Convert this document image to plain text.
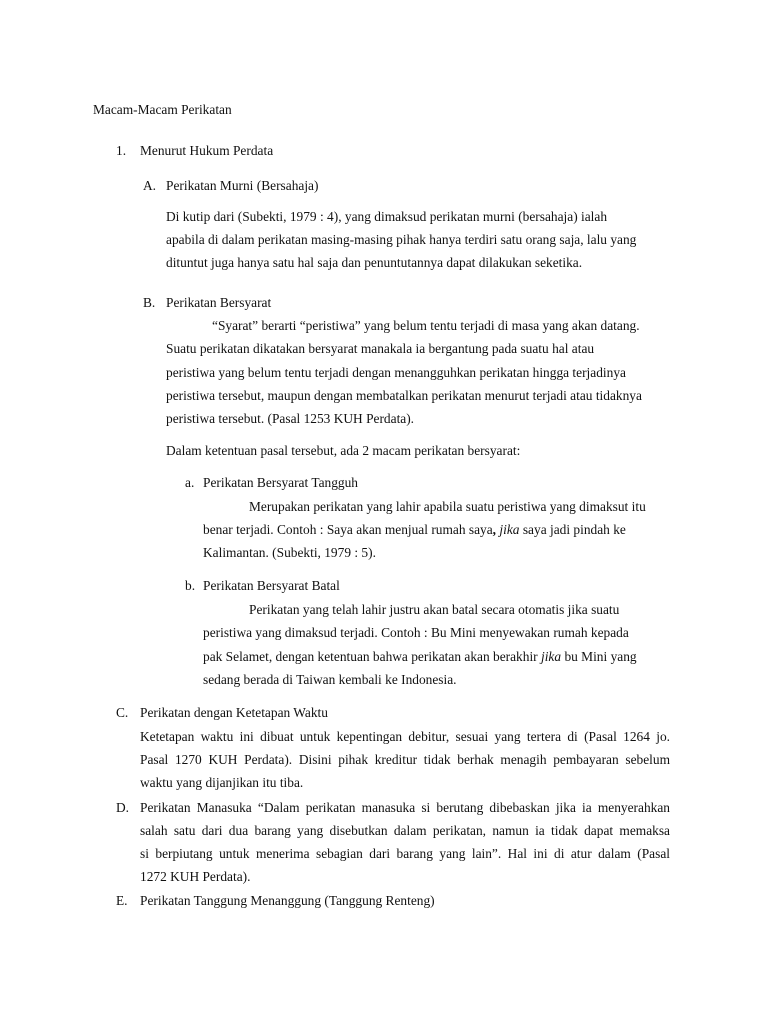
Macam-Macam Perikatan
1. Menurut Hukum Perdata
A. Perikatan Murni (Bersahaja)
Di kutip dari (Subekti, 1979 : 4), yang dimaksud perikatan murni (bersahaja) ialah
apabila di dalam perikatan masing-masing pihak hanya terdiri satu orang saja, lalu yang
dituntut juga hanya satu hal saja dan penuntutannya dapat dilakukan seketika.
B. Perikatan Bersyarat
“Syarat” berarti “peristiwa” yang belum tentu terjadi di masa yang akan datang.
Suatu perikatan dikatakan bersyarat manakala ia bergantung pada suatu hal atau
peristiwa yang belum tentu terjadi dengan menangguhkan perikatan hingga terjadinya
peristiwa tersebut, maupun dengan membatalkan perikatan menurut terjadi atau tidaknya
peristiwa tersebut. (Pasal 1253 KUH Perdata).
Dalam ketentuan pasal tersebut, ada 2 macam perikatan bersyarat:
a. Perikatan Bersyarat Tangguh
Merupakan perikatan yang lahir apabila suatu peristiwa yang dimaksut itu
benar terjadi. Contoh : Saya akan menjual rumah saya, jika saya jadi pindah ke
Kalimantan. (Subekti, 1979 : 5).
b. Perikatan Bersyarat Batal
Perikatan yang telah lahir justru akan batal secara otomatis jika suatu
peristiwa yang dimaksud terjadi. Contoh : Bu Mini menyewakan rumah kepada
pak Selamet, dengan ketentuan bahwa perikatan akan berakhir jika bu Mini yang
sedang berada di Taiwan kembali ke Indonesia.
C. Perikatan dengan Ketetapan Waktu
Ketetapan waktu ini dibuat untuk kepentingan debitur, sesuai yang tertera di (Pasal 1264 jo.
Pasal 1270 KUH Perdata). Disini pihak kreditur tidak berhak menagih pembayaran sebelum
waktu yang dijanjikan itu tiba.
D. Perikatan Manasuka “Dalam perikatan manasuka si berutang dibebaskan jika ia menyerahkan
salah satu dari dua barang yang disebutkan dalam perikatan, namun ia tidak dapat memaksa
si berpiutang untuk menerima sebagian dari barang yang lain”. Hal ini di atur dalam (Pasal
1272 KUH Perdata).
E. Perikatan Tanggung Menanggung (Tanggung Renteng)
